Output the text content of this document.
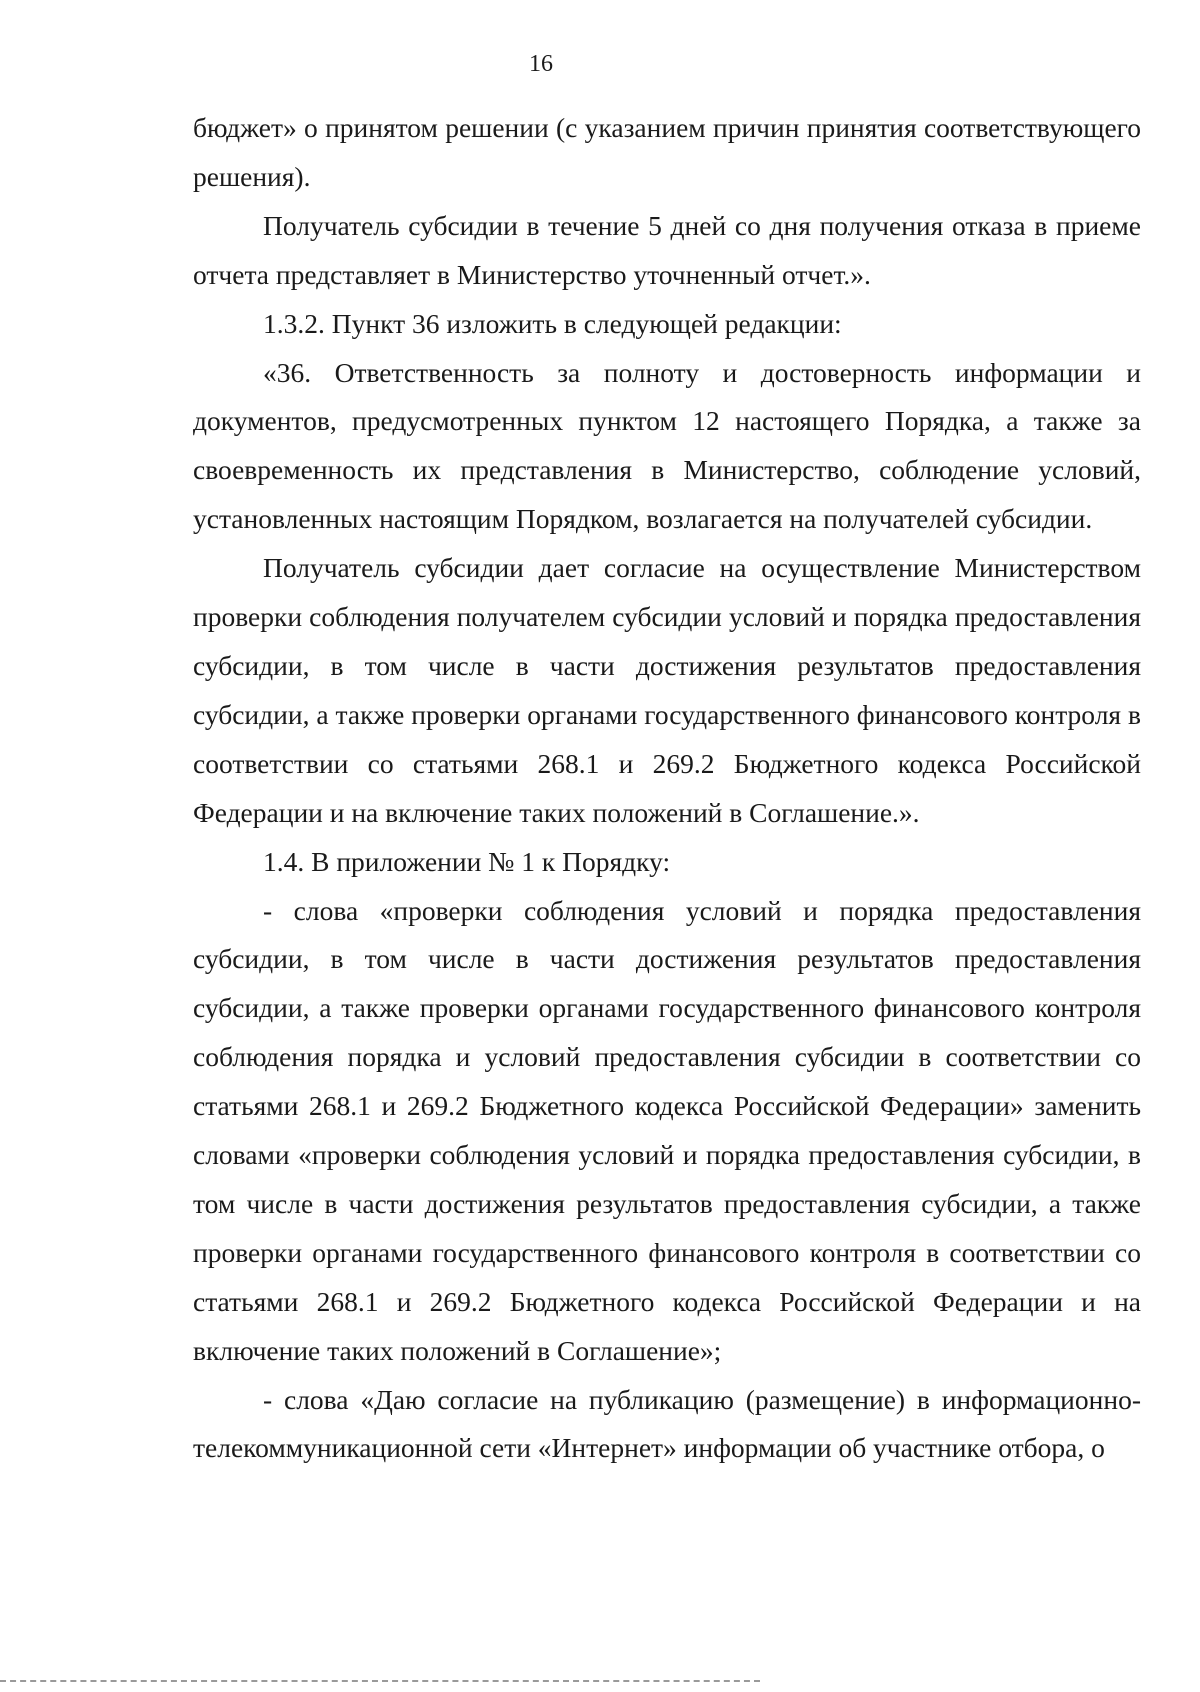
16

бюджет» о принятом решении (с указанием причин принятия соответствующего решения).

Получатель субсидии в течение 5 дней со дня получения отказа в приеме отчета представляет в Министерство уточненный отчет.».

1.3.2. Пункт 36 изложить в следующей редакции:

«36. Ответственность за полноту и достоверность информации и документов, предусмотренных пунктом 12 настоящего Порядка, а также за своевременность их представления в Министерство, соблюдение условий, установленных настоящим Порядком, возлагается на получателей субсидии.

Получатель субсидии дает согласие на осуществление Министерством проверки соблюдения получателем субсидии условий и порядка предоставления субсидии, в том числе в части достижения результатов предоставления субсидии, а также проверки органами государственного финансового контроля в соответствии со статьями 268.1 и 269.2 Бюджетного кодекса Российской Федерации и на включение таких положений в Соглашение.».

1.4. В приложении № 1 к Порядку:

- слова «проверки соблюдения условий и порядка предоставления субсидии, в том числе в части достижения результатов предоставления субсидии, а также проверки органами государственного финансового контроля соблюдения порядка и условий предоставления субсидии в соответствии со статьями 268.1 и 269.2 Бюджетного кодекса Российской Федерации» заменить словами «проверки соблюдения условий и порядка предоставления субсидии, в том числе в части достижения результатов предоставления субсидии, а также проверки органами государственного финансового контроля в соответствии со статьями 268.1 и 269.2 Бюджетного кодекса Российской Федерации и на включение таких положений в Соглашение»;

- слова «Даю согласие на публикацию (размещение) в информационно-телекоммуникационной сети «Интернет» информации об участнике отбора, о
